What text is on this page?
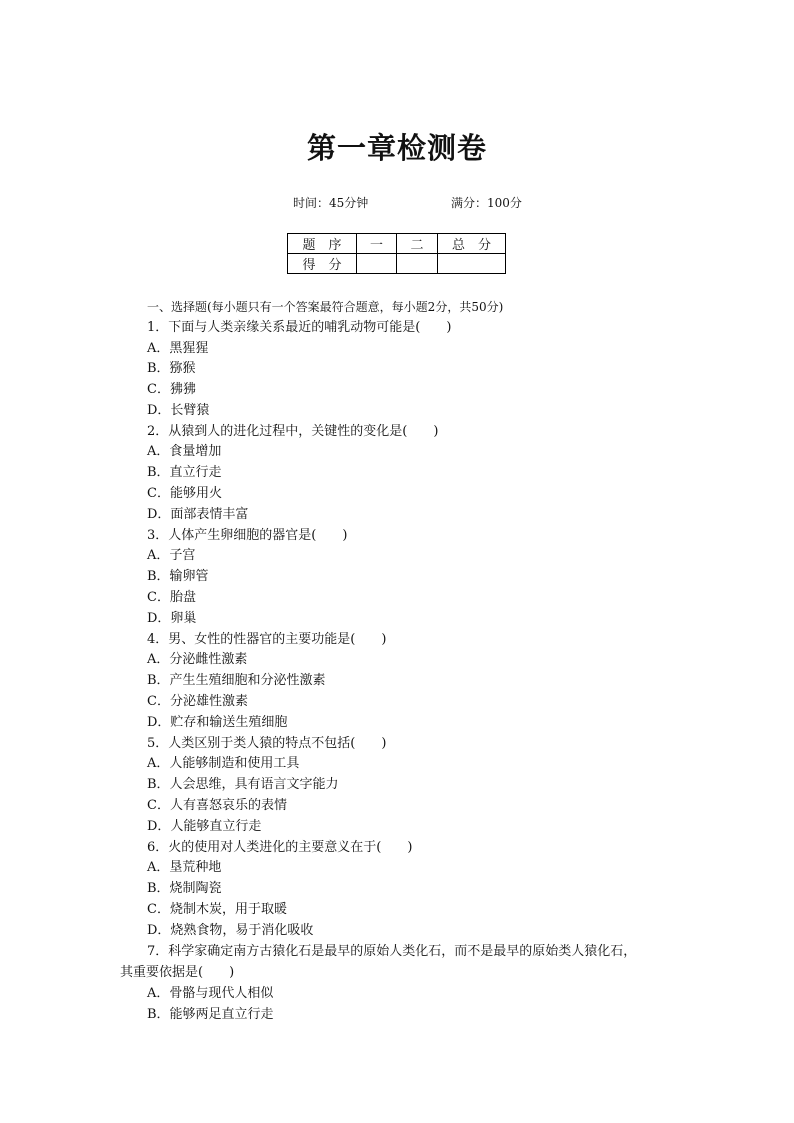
第一章检测卷
时间：45分钟	满分：100分
题　序	一	二	总　分
得　分			
一、选择题(每小题只有一个答案最符合题意，每小题2分，共50分)
1．下面与人类亲缘关系最近的哺乳动物可能是(　　)
A．黑猩猩
B．猕猴
C．狒狒
D．长臂猿
2．从猿到人的进化过程中，关键性的变化是(　　)
A．食量增加
B．直立行走
C．能够用火
D．面部表情丰富
3．人体产生卵细胞的器官是(　　)
A．子宫
B．输卵管
C．胎盘
D．卵巢
4．男、女性的性器官的主要功能是(　　)
A．分泌雌性激素
B．产生生殖细胞和分泌性激素
C．分泌雄性激素
D．贮存和输送生殖细胞
5．人类区别于类人猿的特点不包括(　　)
A．人能够制造和使用工具
B．人会思维，具有语言文字能力
C．人有喜怒哀乐的表情
D．人能够直立行走
6．火的使用对人类进化的主要意义在于(　　)
A．垦荒种地
B．烧制陶瓷
C．烧制木炭，用于取暖
D．烧熟食物，易于消化吸收
7．科学家确定南方古猿化石是最早的原始人类化石，而不是最早的原始类人猿化石，
其重要依据是(　　)
A．骨骼与现代人相似
B．能够两足直立行走
